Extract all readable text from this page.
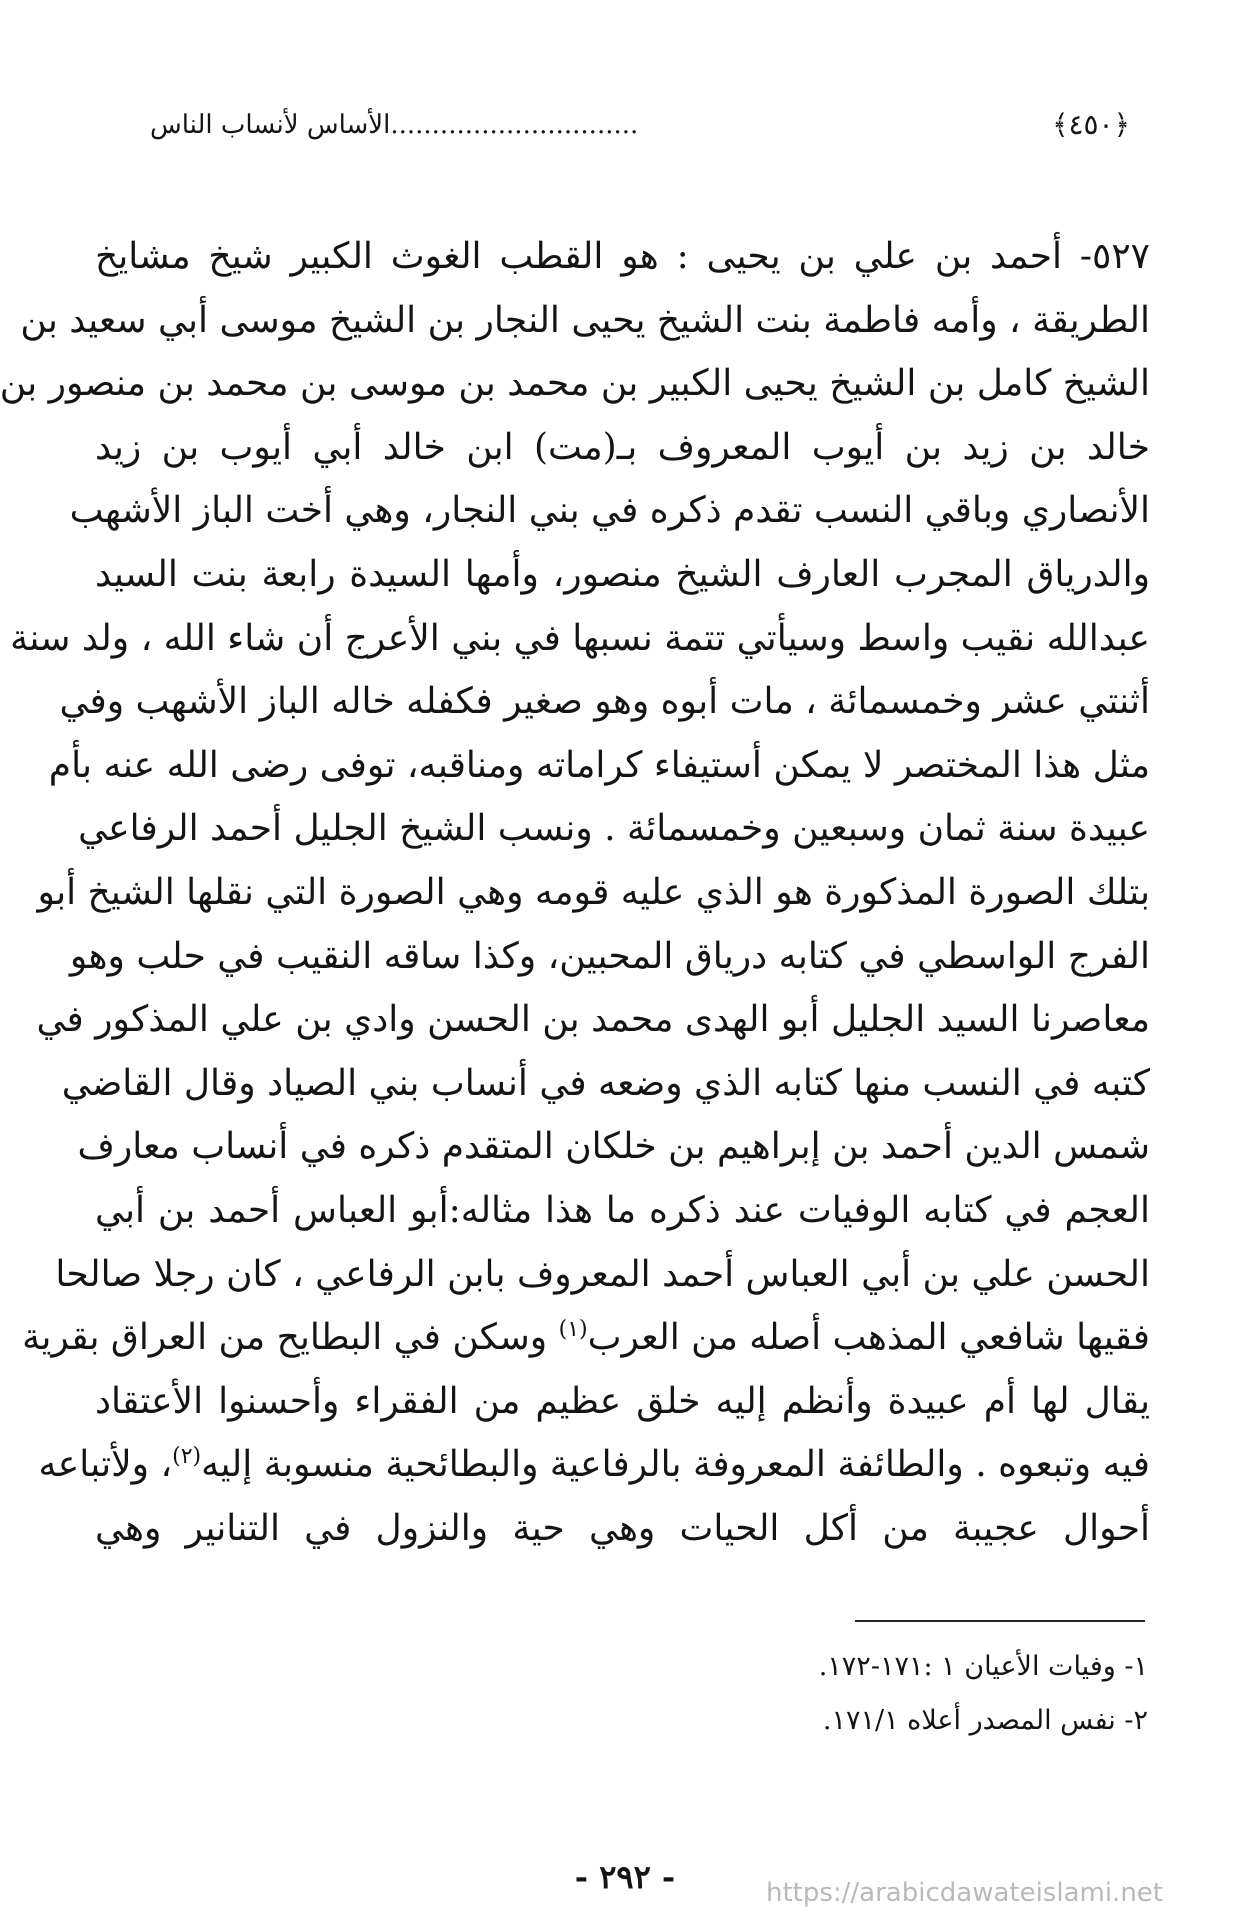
﴿٤٥٠﴾
..............................الأساس لأنساب الناس
٥٢٧- أحمد بن علي بن يحيى : هو القطب الغوث الكبير شيخ مشايخ
الطريقة ، وأمه فاطمة بنت الشيخ يحيى النجار بن الشيخ موسى أبي سعيد بن
الشيخ كامل بن الشيخ يحيى الكبير بن محمد بن موسى بن محمد بن منصور بن
خالد بن زيد بن أيوب المعروف بـ(مت) ابن خالد أبي أيوب بن زيد
الأنصاري وباقي النسب تقدم ذكره في بني النجار، وهي أخت الباز الأشهب
والدرياق المجرب العارف الشيخ منصور، وأمها السيدة رابعة بنت السيد
عبدالله نقيب واسط وسيأتي تتمة نسبها في بني الأعرج أن شاء الله ، ولد سنة
أثنتي عشر وخمسمائة ، مات أبوه وهو صغير فكفله خاله الباز الأشهب وفي
مثل هذا المختصر لا يمكن أستيفاء كراماته ومناقبه، توفى رضى الله عنه بأم
عبيدة سنة ثمان وسبعين وخمسمائة . ونسب الشيخ الجليل أحمد الرفاعي
بتلك الصورة المذكورة هو الذي عليه قومه وهي الصورة التي نقلها الشيخ أبو
الفرج الواسطي في كتابه درياق المحبين، وكذا ساقه النقيب في حلب وهو
معاصرنا السيد الجليل أبو الهدى محمد بن الحسن وادي بن علي المذكور في
كتبه في النسب منها كتابه الذي وضعه في أنساب بني الصياد وقال القاضي
شمس الدين أحمد بن إبراهيم بن خلكان المتقدم ذكره في أنساب معارف
العجم في كتابه الوفيات عند ذكره ما هذا مثاله:أبو العباس أحمد بن أبي
الحسن علي بن أبي العباس أحمد المعروف بابن الرفاعي ، كان رجلا صالحا
فقيها شافعي المذهب أصله من العرب$^{(١)}$ وسكن في البطايح من العراق بقرية
يقال لها أم عبيدة وأنظم إليه خلق عظيم من الفقراء وأحسنوا الأعتقاد
فيه وتبعوه . والطائفة المعروفة بالرفاعية والبطائحية منسوبة إليه$^{(٢)}$، ولأتباعه
أحوال عجيبة من أكل الحيات وهي حية والنزول في التنانير وهي
١- وفيات الأعيان ١ :١٧١-١٧٢.
٢- نفس المصدر أعلاه ١٧١/١.
- ٢٩٢ -	https://arabicdawateislami.net
